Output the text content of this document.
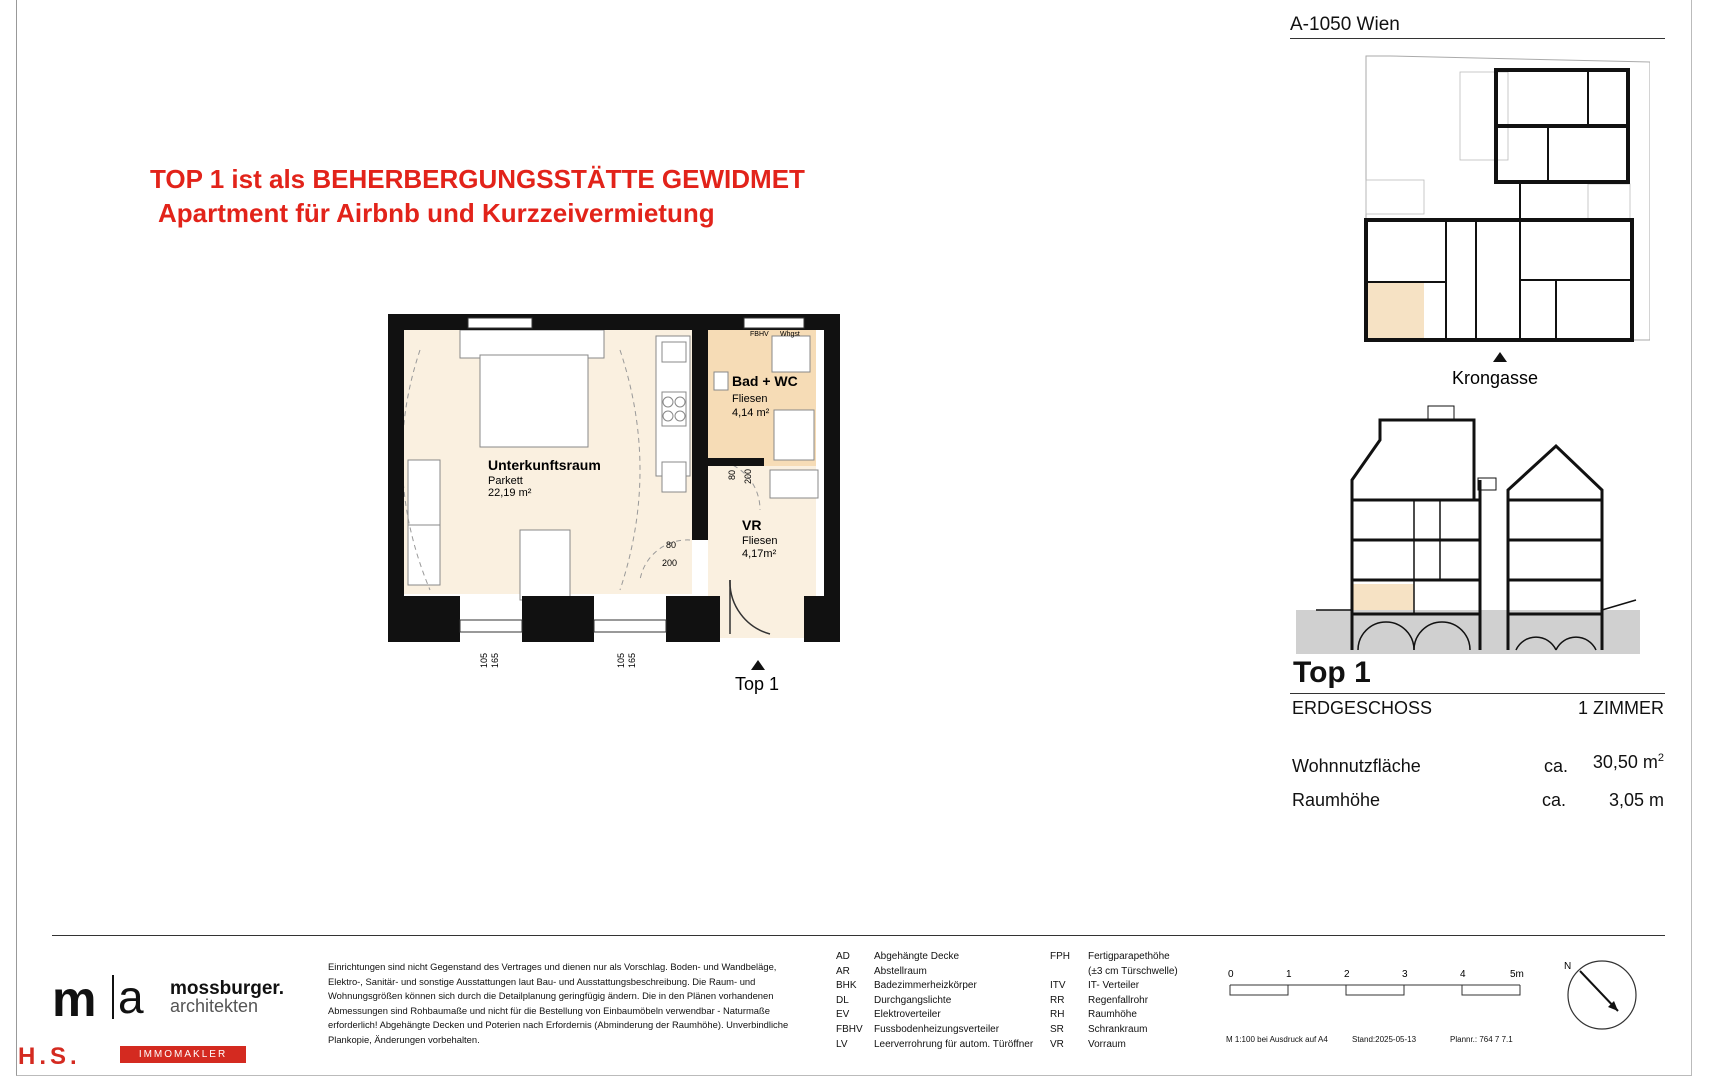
TOP 1 ist als BEHERBERGUNGSSTÄTTE GEWIDMET
Apartment für Airbnb und Kurzzeivermietung
A-1050 Wien
Unterkunftsraum
Parkett
22,19 m²
Bad + WC
Fliesen
4,14 m²
VR
Fliesen
4,17m²
FBHV Whgst
80
200
80 200
105 165	105 165
Top 1
Krongasse
Top 1
ERDGESCHOSS	1 ZIMMER
Wohnnutzfläche	ca. 30,50 $m^2$
Raumhöhe	ca. 3,05 m
m a mossburger.
architekten
H.S.	IMMOMAKLER
Einrichtungen sind nicht Gegenstand des Vertrages und dienen nur als Vorschlag. Boden- und Wandbeläge, Elektro-, Sanitär- und sonstige Ausstattungen laut Bau- und Ausstattungsbeschreibung. Die Raum- und Wohnungsgrößen können sich durch die Detailplanung geringfügig ändern. Die in den Plänen vorhandenen Abmessungen sind Rohbaumaße und nicht für die Bestellung von Einbaumöbeln verwendbar - Naturmaße erforderlich! Abgehängte Decken und Poterien nach Erfordernis (Abminderung der Raumhöhe). Unverbindliche Plankopie, Änderungen vorbehalten.
AD	Abgehängte Decke
AR	Abstellraum
BHK	Badezimmerheizkörper
DL	Durchgangslichte
EV	Elektroverteiler
FBHV	Fussbodenheizungsverteiler
LV	Leerverrohrung für autom. Türöffner
FPH	Fertigparapethöhe
(±3 cm Türschwelle)
ITV	IT- Verteiler
RR	Regenfallrohr
RH	Raumhöhe
SR	Schrankraum
VR	Vorraum
0	1	2	3	4	5m
M 1:100 bei Ausdruck auf A4	Stand:2025-05-13	Plannr.: 764 7 7.1
N
